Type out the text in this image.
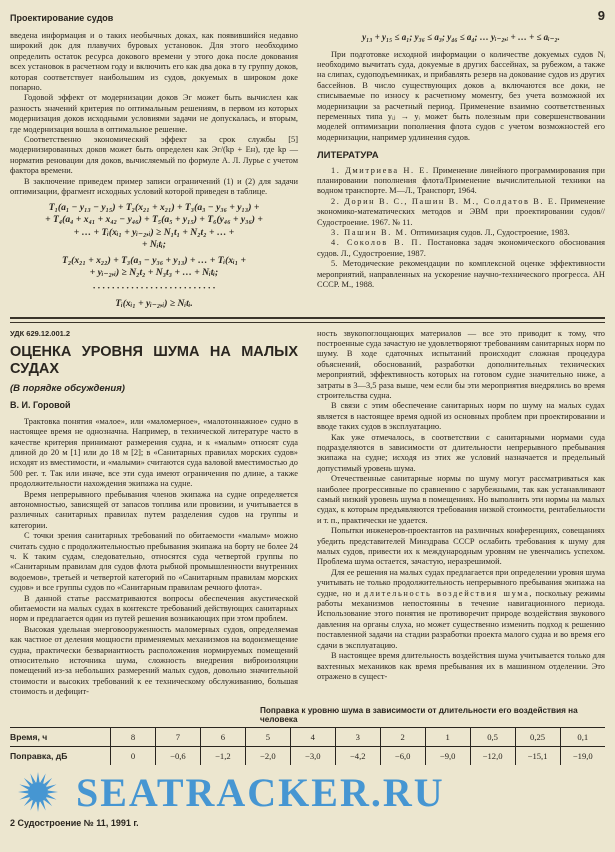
Проектирование судов	9

введена информация и о таких необычных доках, как появившийся недавно широкий док для плавучих буровых установок. Для этого необходимо определить остаток ресурса докового времени у этого дока после докования всех установок в расчетном году и включить его как два дока в ту группу доков, которая соответствует наибольшим из судов, докуемых в широком доке попарно.

Годовой эффект от модернизации доков Эг может быть вычислен как разность значений критерия по оптимальным решениям, в первом из которых модернизация доков исходными условиями задачи не допускалась, и вторым, где модернизация вошла в оптимальное решение.

Соответственно экономический эффект за срок службы [5] модернизированных доков может быть определен как Эг/(kр + Eн), где kр — норматив реновации для доков, вычисляемый по формуле А. Л. Лурье с учетом фактора времени.

В заключение приведем пример записи ограничений (1) и (2) для задачи оптимизации, фрагмент исходных условий которой приведен в таблице.

T₁(a₁ − y₁₃ − y₁₅) + T₂(x₂₁ + x₂₁) + T₃(a₃ − y₃₆ + y₁₃) +
+ T₄(a₄ + x₄₁ + x₄₂ − y₄₆) + T₅(a₅ + y₁₅) + T₆(y₄₆ + y₃₆) +
+ … + Tᵢ(xᵢ₁ + yᵢ₋₂,ᵢ) ≥ N₁t₁ + N₂t₂ + … +
+ Nᵢtᵢ;
T₂(x₂₁ + x₂₂) + T₃(a₃ − y₃₆ + y₁₃) + … + Tᵢ(xᵢ₁ +
+ yᵢ₋₂,ᵢ) ≥ N₂t₂ + N₃t₃ + … + Nᵢtᵢ;
· · · · · · · · · · · · · · · · · · · · · · · · · ·
Tᵢ(xᵢ₁ + yᵢ₋₂,ᵢ) ≥ Nᵢtᵢ.
y₁₃ + y₁₅ ≤ a₁; y₃₆ ≤ a₃; y₄₆ ≤ a₄; … yᵢ₋₂,ᵢ + … + ≤ aᵢ₋₂.

При подготовке исходной информации о количестве докуемых судов Nᵢ необходимо вычитать суда, докуемые в других бассейнах, за рубежом, а также на слипах, судоподъемниках, и прибавлять резерв на докование судов из других бассейнов. В число существующих доков aᵢ включаются все доки, не списываемые по износу к расчетному моменту, без учета возможной их модернизации за расчетный период. Применение взаимно соответственных переменных типа yᵢⱼ → yᵢ может быть полезным при совершенствовании моделей оптимизации пополнения флота судов с учетом возможностей его модернизации, например удлинения судов.

ЛИТЕРАТУРА

1. Дмитриева Н. Е. Применение линейного программирования при планировании пополнения флота/Применение вычислительной техники на водном транспорте. М—Л., Транспорт, 1964.

2. Дорин В. С., Пашин В. М., Солдатов В. Е. Применение экономико-математических методов и ЭВМ при проектировании судов//Судостроение. 1967. № 11.

3. Пашин В. М. Оптимизация судов. Л., Судостроение, 1983.

4. Соколов В. П. Постановка задач экономического обоснования судов. Л., Судостроение, 1987.

5. Методические рекомендации по комплексной оценке эффективности мероприятий, направленных на ускорение научно-технического прогресса. АН СССР. М., 1988.

УДК 629.12.001.2
ОЦЕНКА УРОВНЯ ШУМА НА МАЛЫХ СУДАХ
(В порядке обсуждения)
В. И. Горовой

Трактовка понятия «малое», или «маломерное», «малотоннажное» судно в настоящее время не однозначна. Например, в технической литературе часто в качестве критерия принимают размерения судна, и к «малым» относят суда длиной до 20 м [1] или до 18 м [2]; в «Санитарных правилах морских судов» исходят из вместимости, и «малыми» считаются суда валовой вместимостью до 500 рег. т. Так или иначе, все эти суда имеют ограничения по длине, а также продолжительности нахождения экипажа на судне.

Время непрерывного пребывания членов экипажа на судне определяется автономностью, зависящей от запасов топлива или провизии, и учитывается в различных санитарных правилах путем разделения судов на группы и категории.

С точки зрения санитарных требований по обитаемости «малым» можно считать судно с продолжительностью пребывания экипажа на борту не более 24 ч. К таким судам, следовательно, относятся суда четвертой группы по «Санитарным правилам для судов флота рыбной промышленности внутренних водоемов», третьей и четвертой категорий по «Санитарным правилам морских судов» и все группы судов по «Санитарным правилам речного флота».

В данной статье рассматриваются вопросы обеспечения акустической обитаемости на малых судах в контексте требований действующих санитарных норм и предлагается один из путей решения возникающих при этом проблем.

Высокая удельная энерговооруженность маломерных судов, определяемая как частное от деления мощности применяемых механизмов на водоизмещение судна, практически безвариантность расположения нормируемых помещений относительно источника шума, сложность внедрения виброизоляции помещений из-за небольших размерений малых судов, довольно значительной стоимости и высоких требований к ее техническому обслуживанию, большая стоимость и дефицит-

ность звукопоглощающих материалов — все это приводит к тому, что построенные суда зачастую не удовлетворяют требованиям санитарных норм по шуму. В ходе сдаточных испытаний происходит сложная процедура объяснений, обоснований, разработки дополнительных технических мероприятий, эффективность которых на готовом судне значительно ниже, а затраты в 3—3,5 раза выше, чем если бы эти мероприятия внедрялись во время строительства судна.

В связи с этим обеспечение санитарных норм по шуму на малых судах является в настоящее время одной из основных проблем при проектировании и вводе таких судов в эксплуатацию.

Как уже отмечалось, в соответствии с санитарными нормами суда подразделяются в зависимости от длительности непрерывного пребывания экипажа на судне; исходя из этих же условий назначается и предельный допустимый уровень шума.

Отечественные санитарные нормы по шуму могут рассматриваться как наиболее прогрессивные по сравнению с зарубежными, так как устанавливают самый низкий уровень шума в помещениях. Но выполнить эти нормы на малых судах, к которым предъявляются требования низкой стоимости, рентабельности и т. п., практически не удается.

Попытки инженеров-проектантов на различных конференциях, совещаниях убедить представителей Минздрава СССР ослабить требования к шуму для малых судов, привести их к международным уровням не увенчались успехом. Проблема шума остается, зачастую, неразрешимой.

Для ее решения на малых судах предлагается при определении уровня шума учитывать не только продолжительность непрерывного пребывания экипажа на судне, но и длительность воздействия шума, поскольку режимы работы механизмов непостоянны в течение навигационного периода. Использование этого понятия не противоречит природе воздействия звукового давления на органы слуха, но может существенно изменить подход к решению поставленной задачи на стадии разработки проекта малого судна и во время его сдачи в эксплуатацию.

В настоящее время длительность воздействия шума учитывается только для вахтенных механиков как время пребывания их в машинном отделении. Это отражено в сущест-

Поправка к уровню шума в зависимости от длительности его воздействия на человека
Время, ч	8	7	6	5	4	3	2	1	0,5	0,25	0,1
Поправка, дБ	0	−0,6	−1,2	−2,0	−3,0	−4,2	−6,0	−9,0	−12,0	−15,1	−19,0
SEATRACKER.RU
2 Судостроение № 11, 1991 г.
